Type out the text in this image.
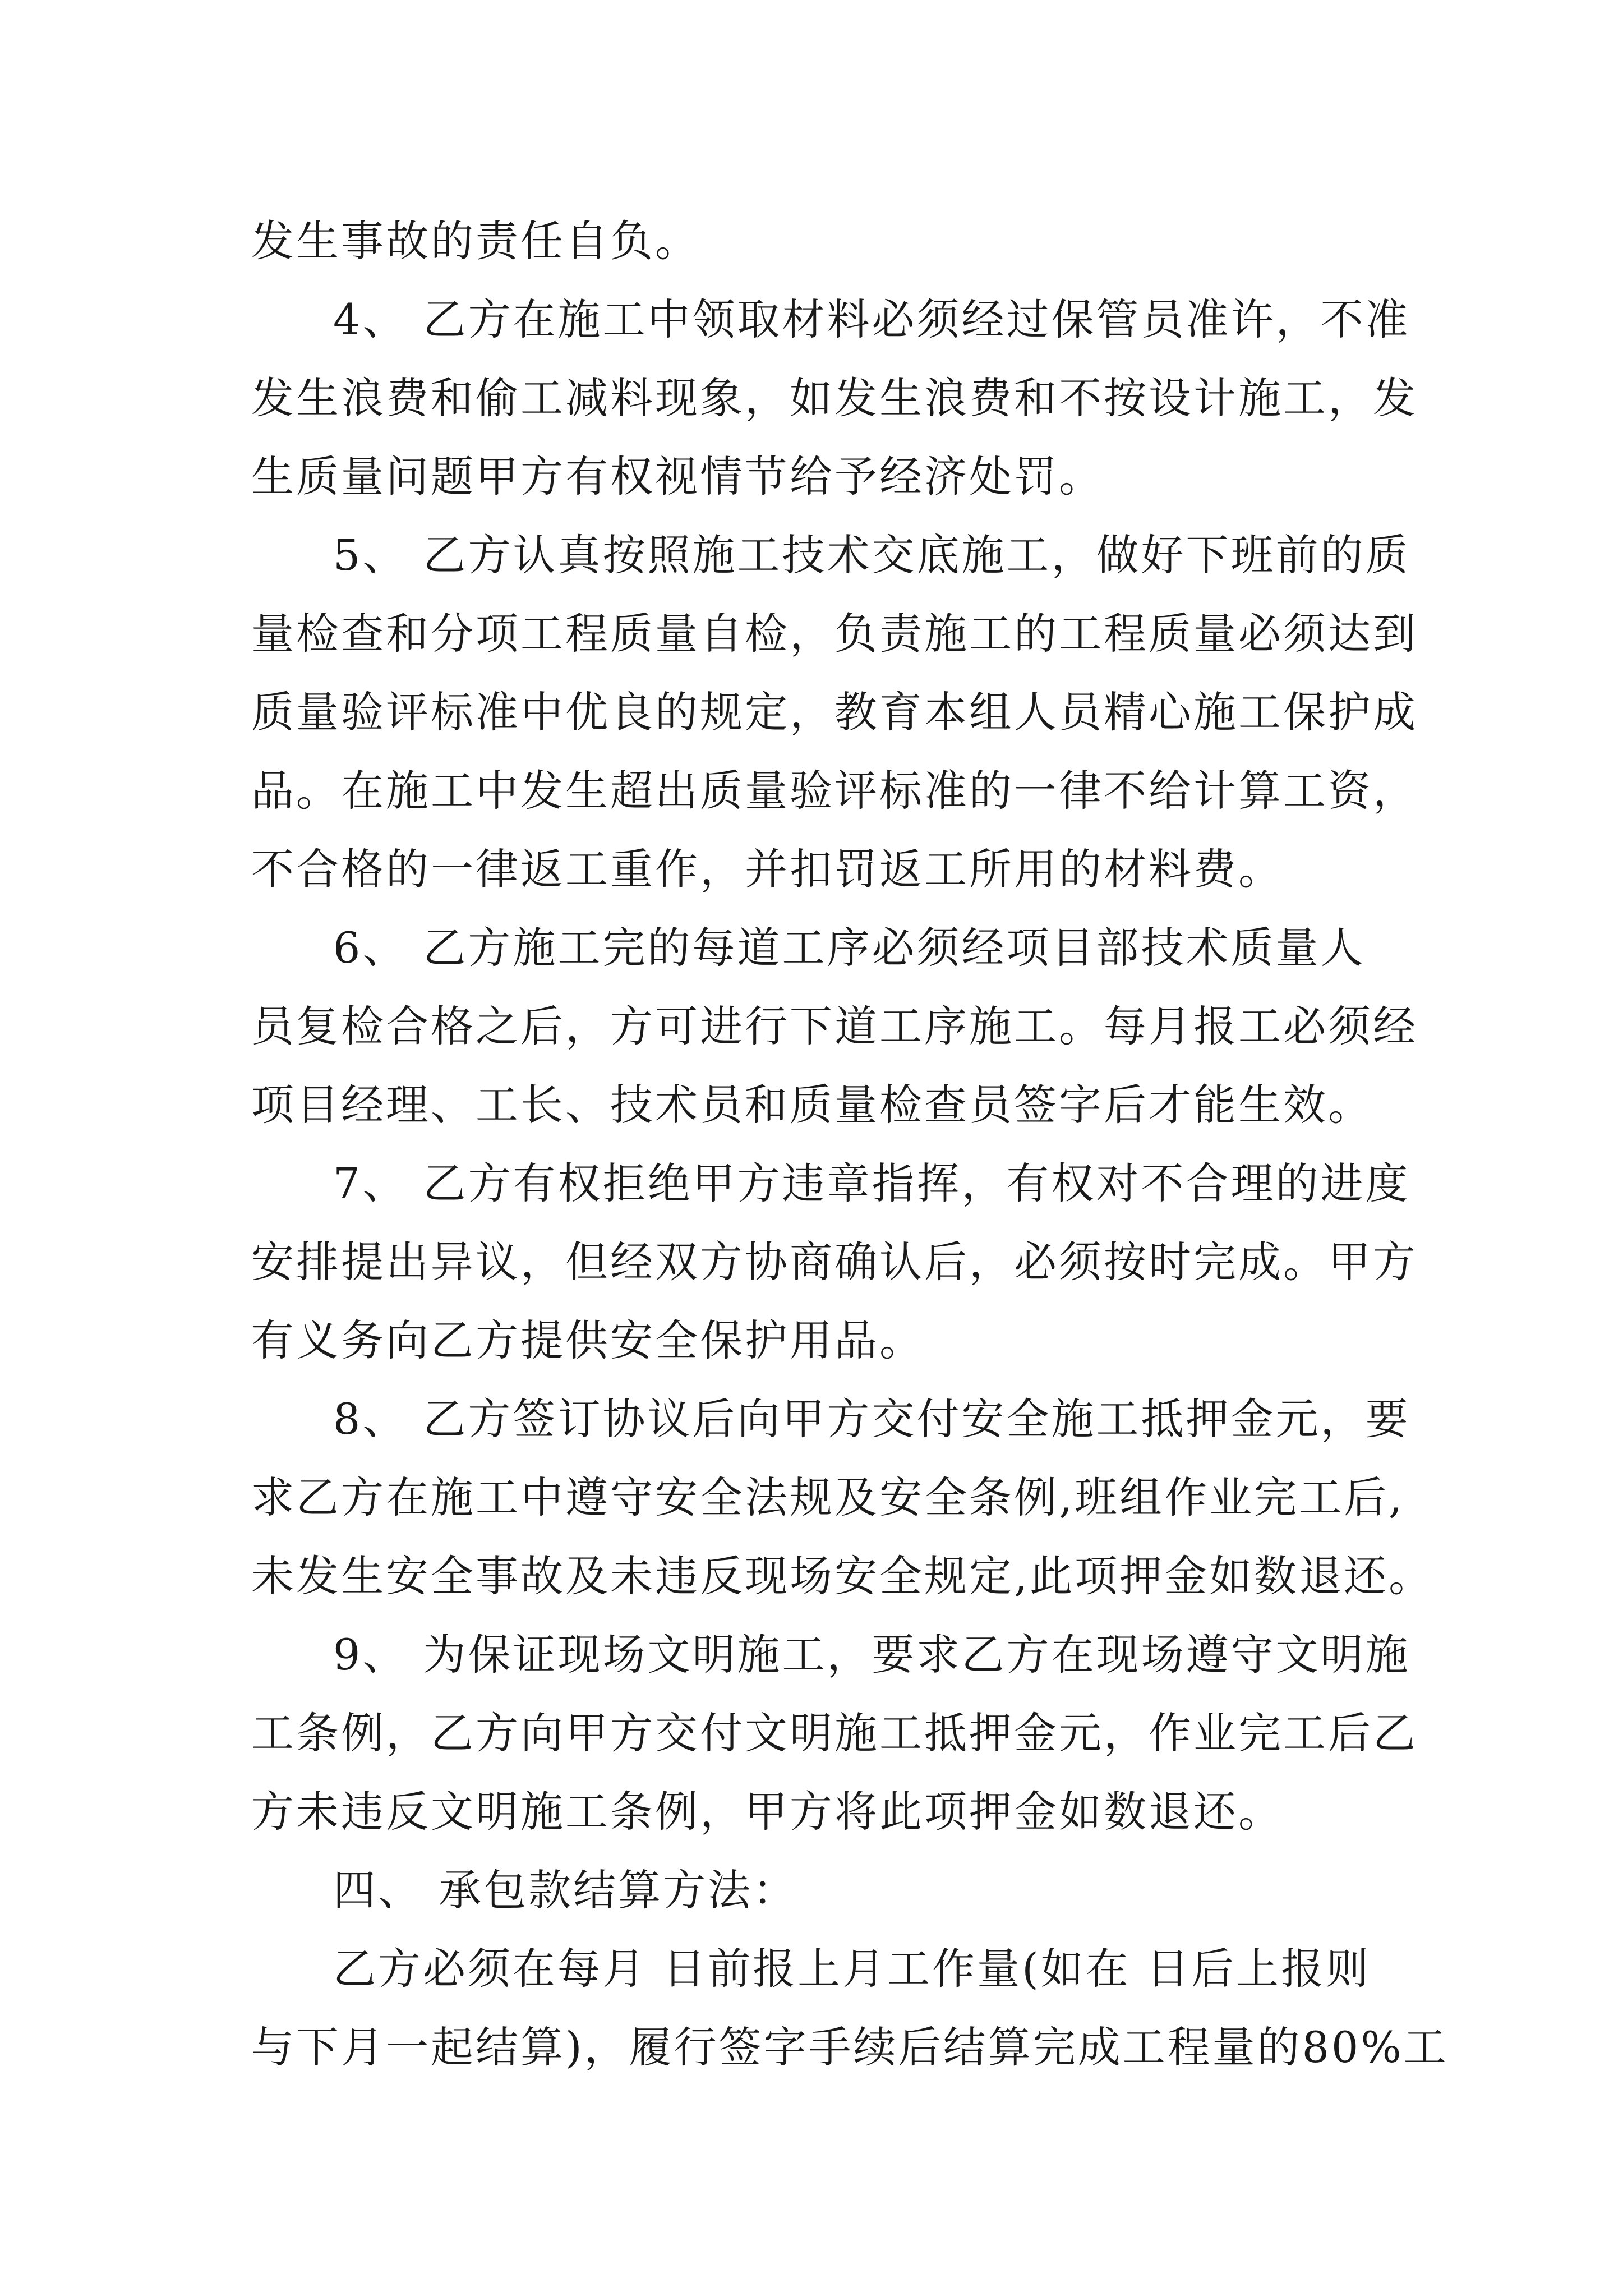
发生事故的责任自负。
4、 乙方在施工中领取材料必须经过保管员准许，不准
发生浪费和偷工减料现象，如发生浪费和不按设计施工，发
生质量问题甲方有权视情节给予经济处罚。
5、 乙方认真按照施工技术交底施工，做好下班前的质
量检查和分项工程质量自检，负责施工的工程质量必须达到
质量验评标准中优良的规定，教育本组人员精心施工保护成
品。在施工中发生超出质量验评标准的一律不给计算工资，
不合格的一律返工重作，并扣罚返工所用的材料费。
6、 乙方施工完的每道工序必须经项目部技术质量人
员复检合格之后，方可进行下道工序施工。每月报工必须经
项目经理、工长、技术员和质量检查员签字后才能生效。
7、 乙方有权拒绝甲方违章指挥，有权对不合理的进度
安排提出异议，但经双方协商确认后，必须按时完成。甲方
有义务向乙方提供安全保护用品。
8、 乙方签订协议后向甲方交付安全施工抵押金元，要
求乙方在施工中遵守安全法规及安全条例,班组作业完工后,
未发生安全事故及未违反现场安全规定,此项押金如数退还。
9、 为保证现场文明施工，要求乙方在现场遵守文明施
工条例，乙方向甲方交付文明施工抵押金元，作业完工后乙
方未违反文明施工条例，甲方将此项押金如数退还。
四、 承包款结算方法：
乙方必须在每月 日前报上月工作量(如在 日后上报则
与下月一起结算)，履行签字手续后结算完成工程量的80%工
